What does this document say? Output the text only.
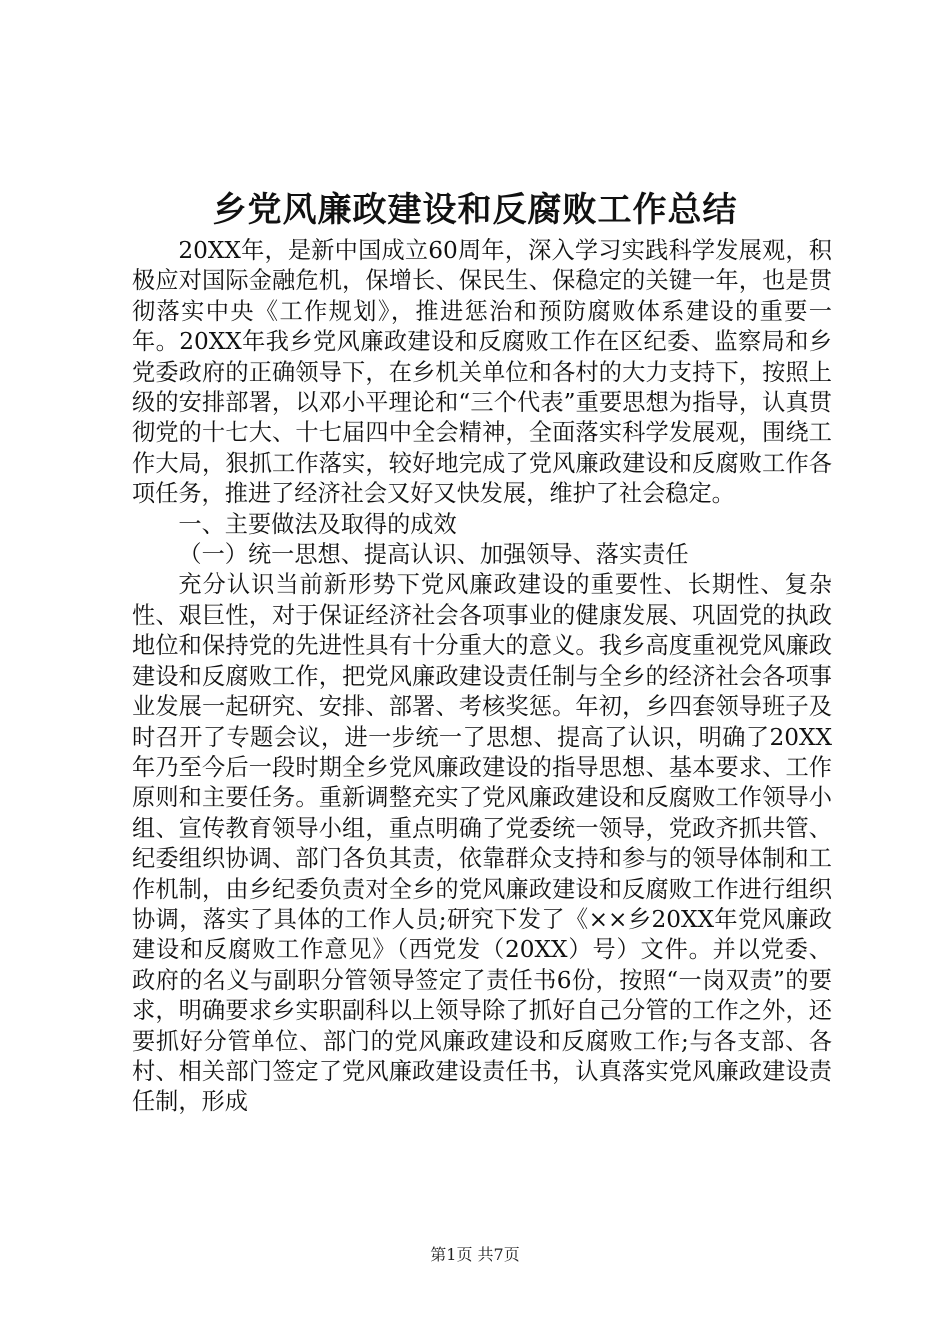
乡党风廉政建设和反腐败工作总结

20XX年，是新中国成立60周年，深入学习实践科学发展观，积极应对国际金融危机，保增长、保民生、保稳定的关键一年，也是贯彻落实中央《工作规划》，推进惩治和预防腐败体系建设的重要一年。20XX年我乡党风廉政建设和反腐败工作在区纪委、监察局和乡党委政府的正确领导下，在乡机关单位和各村的大力支持下，按照上级的安排部署，以邓小平理论和“三个代表”重要思想为指导，认真贯彻党的十七大、十七届四中全会精神，全面落实科学发展观，围绕工作大局，狠抓工作落实，较好地完成了党风廉政建设和反腐败工作各项任务，推进了经济社会又好又快发展，维护了社会稳定。

一、主要做法及取得的成效

（一）统一思想、提高认识、加强领导、落实责任

充分认识当前新形势下党风廉政建设的重要性、长期性、复杂性、艰巨性，对于保证经济社会各项事业的健康发展、巩固党的执政地位和保持党的先进性具有十分重大的意义。我乡高度重视党风廉政建设和反腐败工作，把党风廉政建设责任制与全乡的经济社会各项事业发展一起研究、安排、部署、考核奖惩。年初，乡四套领导班子及时召开了专题会议，进一步统一了思想、提高了认识，明确了20XX年乃至今后一段时期全乡党风廉政建设的指导思想、基本要求、工作原则和主要任务。重新调整充实了党风廉政建设和反腐败工作领导小组、宣传教育领导小组，重点明确了党委统一领导，党政齐抓共管、纪委组织协调、部门各负其责，依靠群众支持和参与的领导体制和工作机制，由乡纪委负责对全乡的党风廉政建设和反腐败工作进行组织协调，落实了具体的工作人员;研究下发了《××乡20XX年党风廉政建设和反腐败工作意见》（西党发（20XX）号）文件。并以党委、政府的名义与副职分管领导签定了责任书6份，按照“一岗双责”的要求，明确要求乡实职副科以上领导除了抓好自己分管的工作之外，还要抓好分管单位、部门的党风廉政建设和反腐败工作;与各支部、各村、相关部门签定了党风廉政建设责任书，认真落实党风廉政建设责任制，形成

第1页 共7页
